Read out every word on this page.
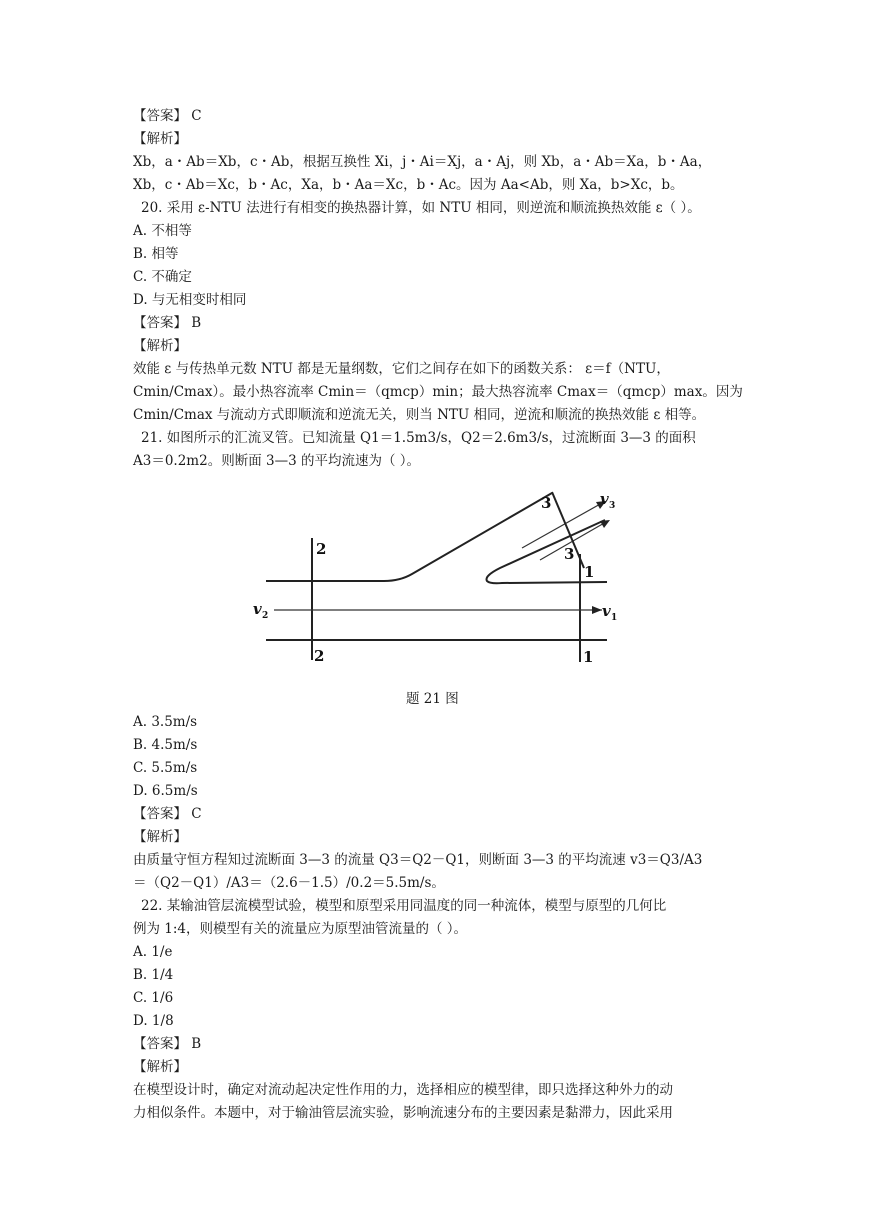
【答案】 C
【解析】
Xb，a・Ab＝Xb，c・Ab，根据互换性 Xi，j・Ai＝Xj，a・Aj，则 Xb，a・Ab＝Xa，b・Aa，
Xb，c・Ab＝Xc，b・Ac，Xa，b・Aa＝Xc，b・Ac。因为 Aa<Ab，则 Xa，b>Xc，b。
20. 采用 ε-NTU 法进行有相变的换热器计算，如 NTU 相同，则逆流和顺流换热效能 ε（ ）。
A. 不相等
B. 相等
C. 不确定
D. 与无相变时相同
【答案】 B
【解析】
效能 ε 与传热单元数 NTU 都是无量纲数，它们之间存在如下的函数关系： ε＝f（NTU，
Cmin/Cmax）。最小热容流率 Cmin＝（qmcp）min；最大热容流率 Cmax＝（qmcp）max。因为
Cmin/Cmax 与流动方式即顺流和逆流无关，则当 NTU 相同，逆流和顺流的换热效能 ε 相等。
21. 如图所示的汇流叉管。已知流量 Q1＝1.5m3/s，Q2＝2.6m3/s，过流断面 3—3 的面积
A3＝0.2m2。则断面 3—3 的平均流速为（ ）。
2
2
1
1
3
3
v 1
v 2
v 3
题 21 图
A. 3.5m/s
B. 4.5m/s
C. 5.5m/s
D. 6.5m/s
【答案】 C
【解析】
由质量守恒方程知过流断面 3—3 的流量 Q3＝Q2－Q1，则断面 3—3 的平均流速 v3＝Q3/A3
＝（Q2－Q1）/A3＝（2.6－1.5）/0.2＝5.5m/s。
22. 某输油管层流模型试验，模型和原型采用同温度的同一种流体，模型与原型的几何比
例为 1:4，则模型有关的流量应为原型油管流量的（ ）。
A. 1/e
B. 1/4
C. 1/6
D. 1/8
【答案】 B
【解析】
在模型设计时，确定对流动起决定性作用的力，选择相应的模型律，即只选择这种外力的动
力相似条件。本题中，对于输油管层流实验，影响流速分布的主要因素是黏滞力，因此采用
